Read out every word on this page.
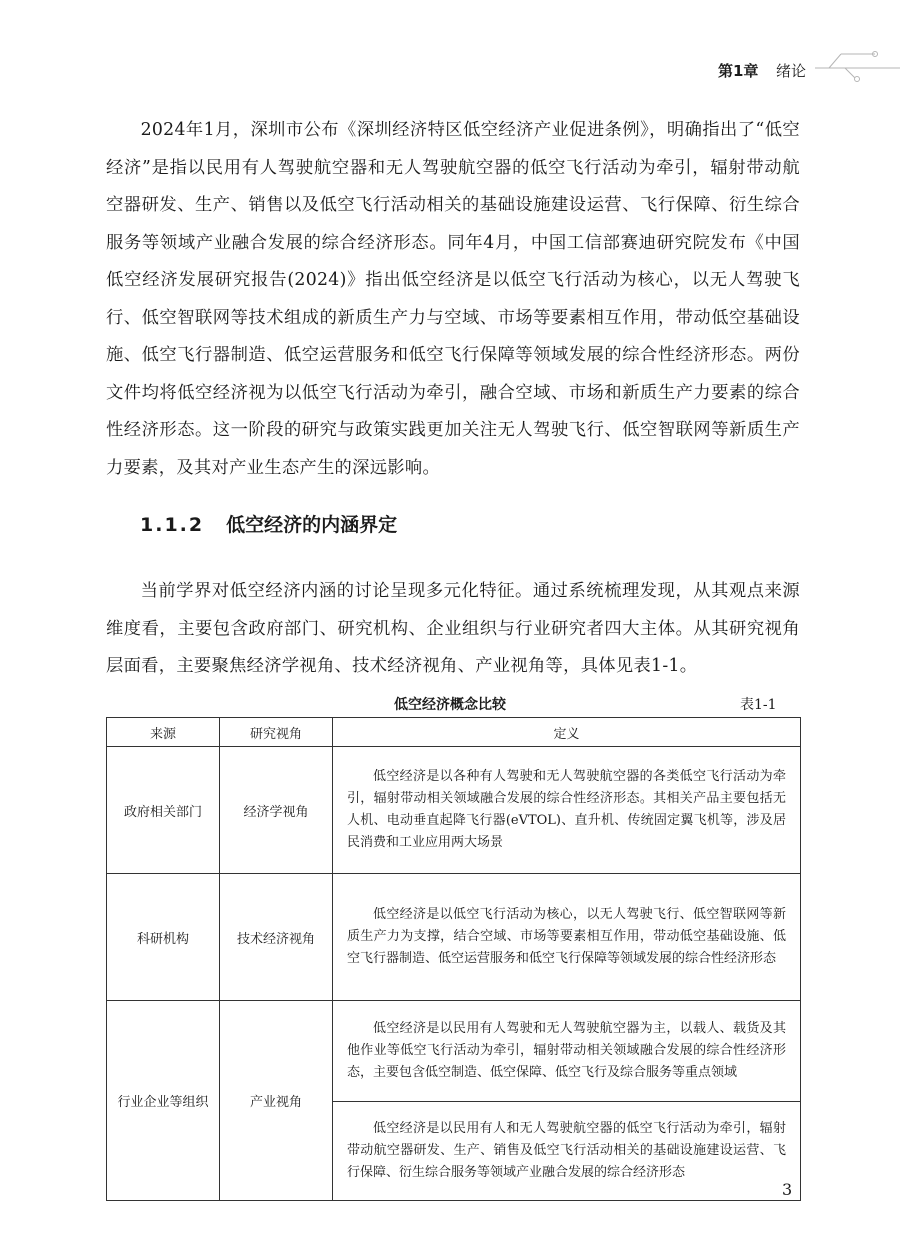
第1章 绪论

2024年1月，深圳市公布《深圳经济特区低空经济产业促进条例》，明确指出了“低空经济”是指以民用有人驾驶航空器和无人驾驶航空器的低空飞行活动为牵引，辐射带动航空器研发、生产、销售以及低空飞行活动相关的基础设施建设运营、飞行保障、衍生综合服务等领域产业融合发展的综合经济形态。同年4月，中国工信部赛迪研究院发布《中国低空经济发展研究报告(2024)》指出低空经济是以低空飞行活动为核心，以无人驾驶飞行、低空智联网等技术组成的新质生产力与空域、市场等要素相互作用，带动低空基础设施、低空飞行器制造、低空运营服务和低空飞行保障等领域发展的综合性经济形态。两份文件均将低空经济视为以低空飞行活动为牵引，融合空域、市场和新质生产力要素的综合性经济形态。这一阶段的研究与政策实践更加关注无人驾驶飞行、低空智联网等新质生产力要素，及其对产业生态产生的深远影响。

1.1.2 低空经济的内涵界定

当前学界对低空经济内涵的讨论呈现多元化特征。通过系统梳理发现，从其观点来源维度看，主要包含政府部门、研究机构、企业组织与行业研究者四大主体。从其研究视角层面看，主要聚焦经济学视角、技术经济视角、产业视角等，具体见表1-1。

低空经济概念比较	表1-1
来源	研究视角	定义
政府相关部门	经济学视角	低空经济是以各种有人驾驶和无人驾驶航空器的各类低空飞行活动为牵引，辐射带动相关领域融合发展的综合性经济形态。其相关产品主要包括无人机、电动垂直起降飞行器(eVTOL)、直升机、传统固定翼飞机等，涉及居民消费和工业应用两大场景
科研机构	技术经济视角	低空经济是以低空飞行活动为核心，以无人驾驶飞行、低空智联网等新质生产力为支撑，结合空域、市场等要素相互作用，带动低空基础设施、低空飞行器制造、低空运营服务和低空飞行保障等领域发展的综合性经济形态
行业企业等组织	产业视角	低空经济是以民用有人驾驶和无人驾驶航空器为主，以载人、载货及其他作业等低空飞行活动为牵引，辐射带动相关领域融合发展的综合性经济形态，主要包含低空制造、低空保障、低空飞行及综合服务等重点领域
		低空经济是以民用有人和无人驾驶航空器的低空飞行活动为牵引，辐射带动航空器研发、生产、销售及低空飞行活动相关的基础设施建设运营、飞行保障、衍生综合服务等领域产业融合发展的综合经济形态
3
